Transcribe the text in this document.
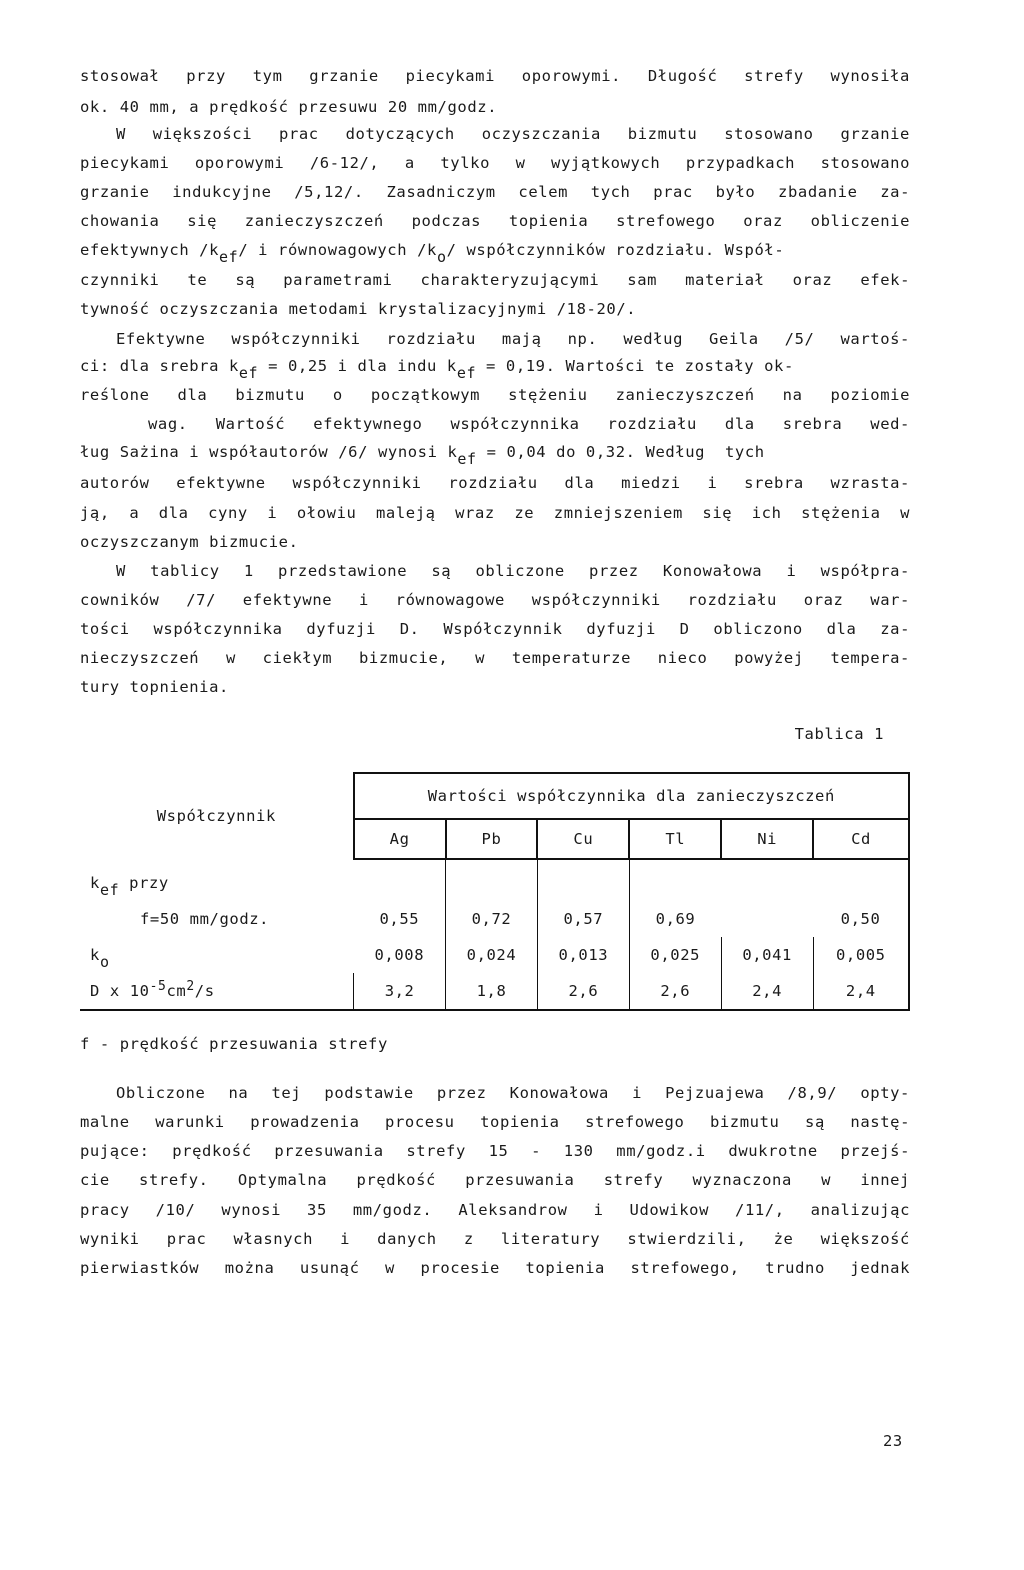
stosował przy tym grzanie piecykami oporowymi. Długość strefy wynosiła
ok. 40 mm, a prędkość przesuwu 20 mm/godz.
W większości prac dotyczących oczyszczania bizmutu stosowano grzanie
piecykami oporowymi /6-12/, a tylko w wyjątkowych przypadkach stosowano
grzanie indukcyjne /5,12/. Zasadniczym celem tych prac było zbadanie za-
chowania się zanieczyszczeń podczas topienia strefowego oraz obliczenie
efektywnych $/k_{ef}/$ i równowagowych $/k_o/$ współczynników rozdziału. Współ-
czynniki te są parametrami charakteryzującymi sam materiał oraz efek-
tywność oczyszczania metodami krystalizacyjnymi /18-20/.
Efektywne współczynniki rozdziału mają np. według Geila /5/ wartoś-
ci: dla srebra $k_{ef} = 0,25$ i dla indu $k_{ef} = 0,19$. Wartości te zostały ok-
reślone dla bizmutu o początkowym stężeniu zanieczyszczeń na poziomie
wag. Wartość efektywnego współczynnika rozdziału dla srebra wed-
ług Sażina i współautorów /6/ wynosi $k_{ef} = 0,04$ do 0,32. Według  tych
autorów efektywne współczynniki rozdziału dla miedzi i srebra wzrasta-
ją, a dla cyny i ołowiu maleją wraz ze zmniejszeniem się ich stężenia w
oczyszczanym bizmucie.
W tablicy 1 przedstawione są obliczone przez Konowałowa i współpra-
cowników /7/ efektywne i równowagowe współczynniki rozdziału oraz war-
tości współczynnika dyfuzji D. Współczynnik dyfuzji D obliczono dla za-
nieczyszczeń w ciekłym bizmucie, w temperaturze nieco powyżej tempera-
tury topnienia.
Tablica 1
Współczynnik	Wartości współczynnika dla zanieczyszczeń					
	Ag	Pb	Cu	Tl	Ni	Cd
$k_{ef}$ przy						
f=50 mm/godz.	0,55	0,72	0,57	0,69		0,50
$k_o$	0,008	0,024	0,013	0,025	0,041	0,005
D x $10^{-5}cm^2/s$	3,2	1,8	2,6	2,6	2,4	2,4
f - prędkość przesuwania strefy
Obliczone na tej podstawie przez Konowałowa i Pejzuajewa /8,9/ opty-
malne warunki prowadzenia procesu topienia strefowego bizmutu są nastę-
pujące: prędkość przesuwania strefy 15 - 130 mm/godz.i dwukrotne przejś-
cie strefy. Optymalna prędkość przesuwania strefy wyznaczona w innej
pracy /10/ wynosi 35 mm/godz. Aleksandrow i Udowikow /11/, analizując
wyniki prac własnych i danych z literatury stwierdzili, że większość
pierwiastków można usunąć w procesie topienia strefowego, trudno jednak
23
